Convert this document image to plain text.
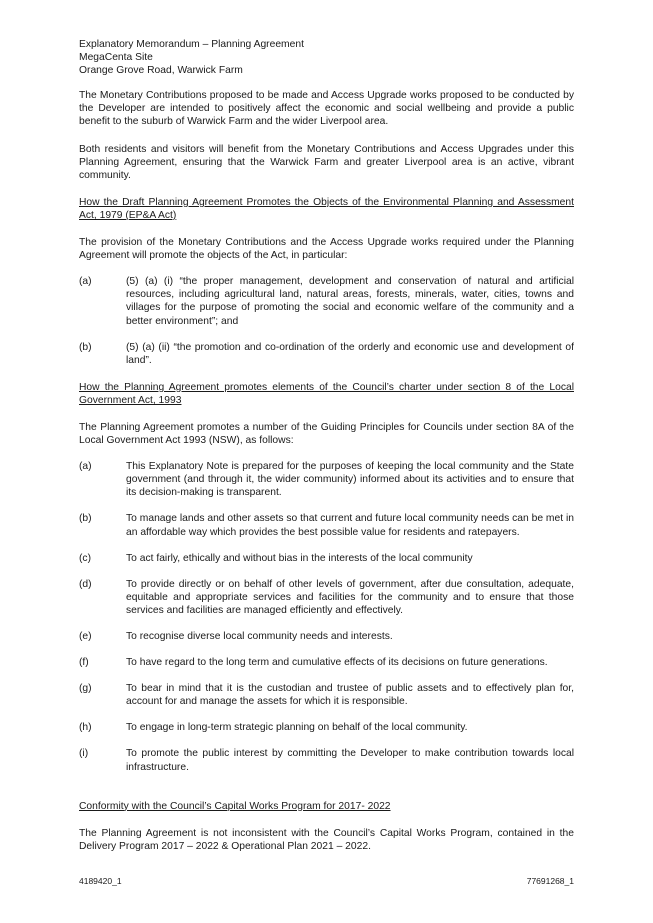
Explanatory Memorandum – Planning Agreement
MegaCenta Site
Orange Grove Road, Warwick Farm

The Monetary Contributions proposed to be made and Access Upgrade works proposed to be conducted by the Developer are intended to positively affect the economic and social wellbeing and provide a public benefit to the suburb of Warwick Farm and the wider Liverpool area.

Both residents and visitors will benefit from the Monetary Contributions and Access Upgrades under this Planning Agreement, ensuring that the Warwick Farm and greater Liverpool area is an active, vibrant community.

How the Draft Planning Agreement Promotes the Objects of the Environmental Planning and Assessment Act, 1979 (EP&A Act)

The provision of the Monetary Contributions and the Access Upgrade works required under the Planning Agreement will promote the objects of the Act, in particular:

(a)	(5) (a) (i) “the proper management, development and conservation of natural and artificial resources, including agricultural land, natural areas, forests, minerals, water, cities, towns and villages for the purpose of promoting the social and economic welfare of the community and a better environment”; and
(b)	(5) (a) (ii) “the promotion and co-ordination of the orderly and economic use and development of land”.

How the Planning Agreement promotes elements of the Council’s charter under section 8 of the Local Government Act, 1993

The Planning Agreement promotes a number of the Guiding Principles for Councils under section 8A of the Local Government Act 1993 (NSW), as follows:

(a)	This Explanatory Note is prepared for the purposes of keeping the local community and the State government (and through it, the wider community) informed about its activities and to ensure that its decision-making is transparent.
(b)	To manage lands and other assets so that current and future local community needs can be met in an affordable way which provides the best possible value for residents and ratepayers.
(c)	To act fairly, ethically and without bias in the interests of the local community
(d)	To provide directly or on behalf of other levels of government, after due consultation, adequate, equitable and appropriate services and facilities for the community and to ensure that those services and facilities are managed efficiently and effectively.
(e)	To recognise diverse local community needs and interests.
(f)	To have regard to the long term and cumulative effects of its decisions on future generations.
(g)	To bear in mind that it is the custodian and trustee of public assets and to effectively plan for, account for and manage the assets for which it is responsible.
(h)	To engage in long-term strategic planning on behalf of the local community.
(i)	To promote the public interest by committing the Developer to make contribution towards local infrastructure.

Conformity with the Council’s Capital Works Program for 2017- 2022

The Planning Agreement is not inconsistent with the Council’s Capital Works Program, contained in the Delivery Program 2017 – 2022 & Operational Plan 2021 – 2022.

4189420_1	77691268_1
